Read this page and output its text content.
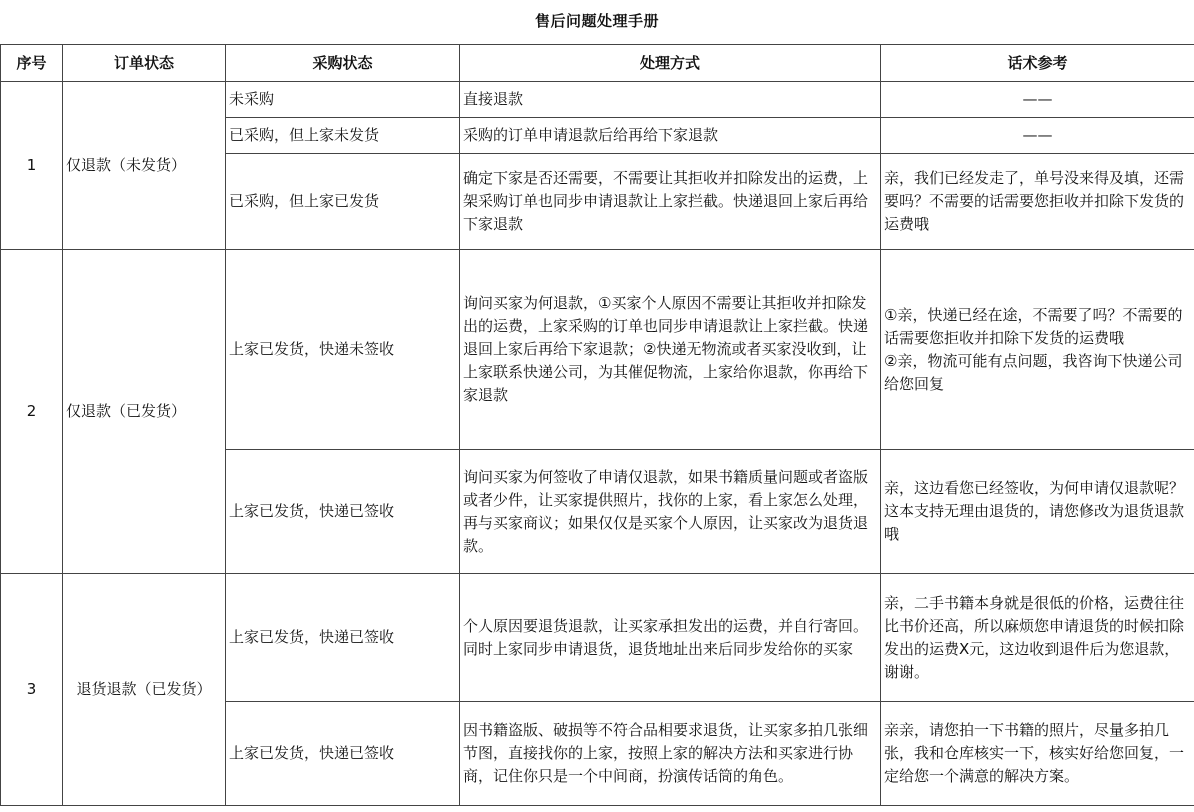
售后问题处理手册
序号	订单状态	采购状态	处理方式	话术参考
1	仅退款（未发货）	未采购	直接退款	——
		已采购，但上家未发货	采购的订单申请退款后给再给下家退款	——
		已采购，但上家已发货	确定下家是否还需要，不需要让其拒收并扣除发出的运费，上架采购订单也同步申请退款让上家拦截。快递退回上家后再给下家退款	亲，我们已经发走了，单号没来得及填，还需要吗？不需要的话需要您拒收并扣除下发货的运费哦
2	仅退款（已发货）	上家已发货，快递未签收	询问买家为何退款，①买家个人原因不需要让其拒收并扣除发出的运费，上家采购的订单也同步申请退款让上家拦截。快递退回上家后再给下家退款；②快递无物流或者买家没收到，让上家联系快递公司，为其催促物流，上家给你退款，你再给下家退款	①亲，快递已经在途，不需要了吗？不需要的话需要您拒收并扣除下发货的运费哦
②亲，物流可能有点问题，我咨询下快递公司给您回复

		上家已发货，快递已签收	询问买家为何签收了申请仅退款，如果书籍质量问题或者盗版或者少件，让买家提供照片，找你的上家，看上家怎么处理，再与买家商议；如果仅仅是买家个人原因，让买家改为退货退款。	亲，这边看您已经签收，为何申请仅退款呢？这本支持无理由退货的，请您修改为退货退款哦
3	退货退款（已发货）	上家已发货，快递已签收	个人原因要退货退款，让买家承担发出的运费，并自行寄回。同时上家同步申请退货，退货地址出来后同步发给你的买家	亲，二手书籍本身就是很低的价格，运费往往比书价还高，所以麻烦您申请退货的时候扣除发出的运费X元，这边收到退件后为您退款，谢谢。
		上家已发货，快递已签收	因书籍盗版、破损等不符合品相要求退货，让买家多拍几张细节图，直接找你的上家，按照上家的解决方法和买家进行协商，记住你只是一个中间商，扮演传话筒的角色。	亲亲，请您拍一下书籍的照片，尽量多拍几张，我和仓库核实一下，核实好给您回复，一定给您一个满意的解决方案。
